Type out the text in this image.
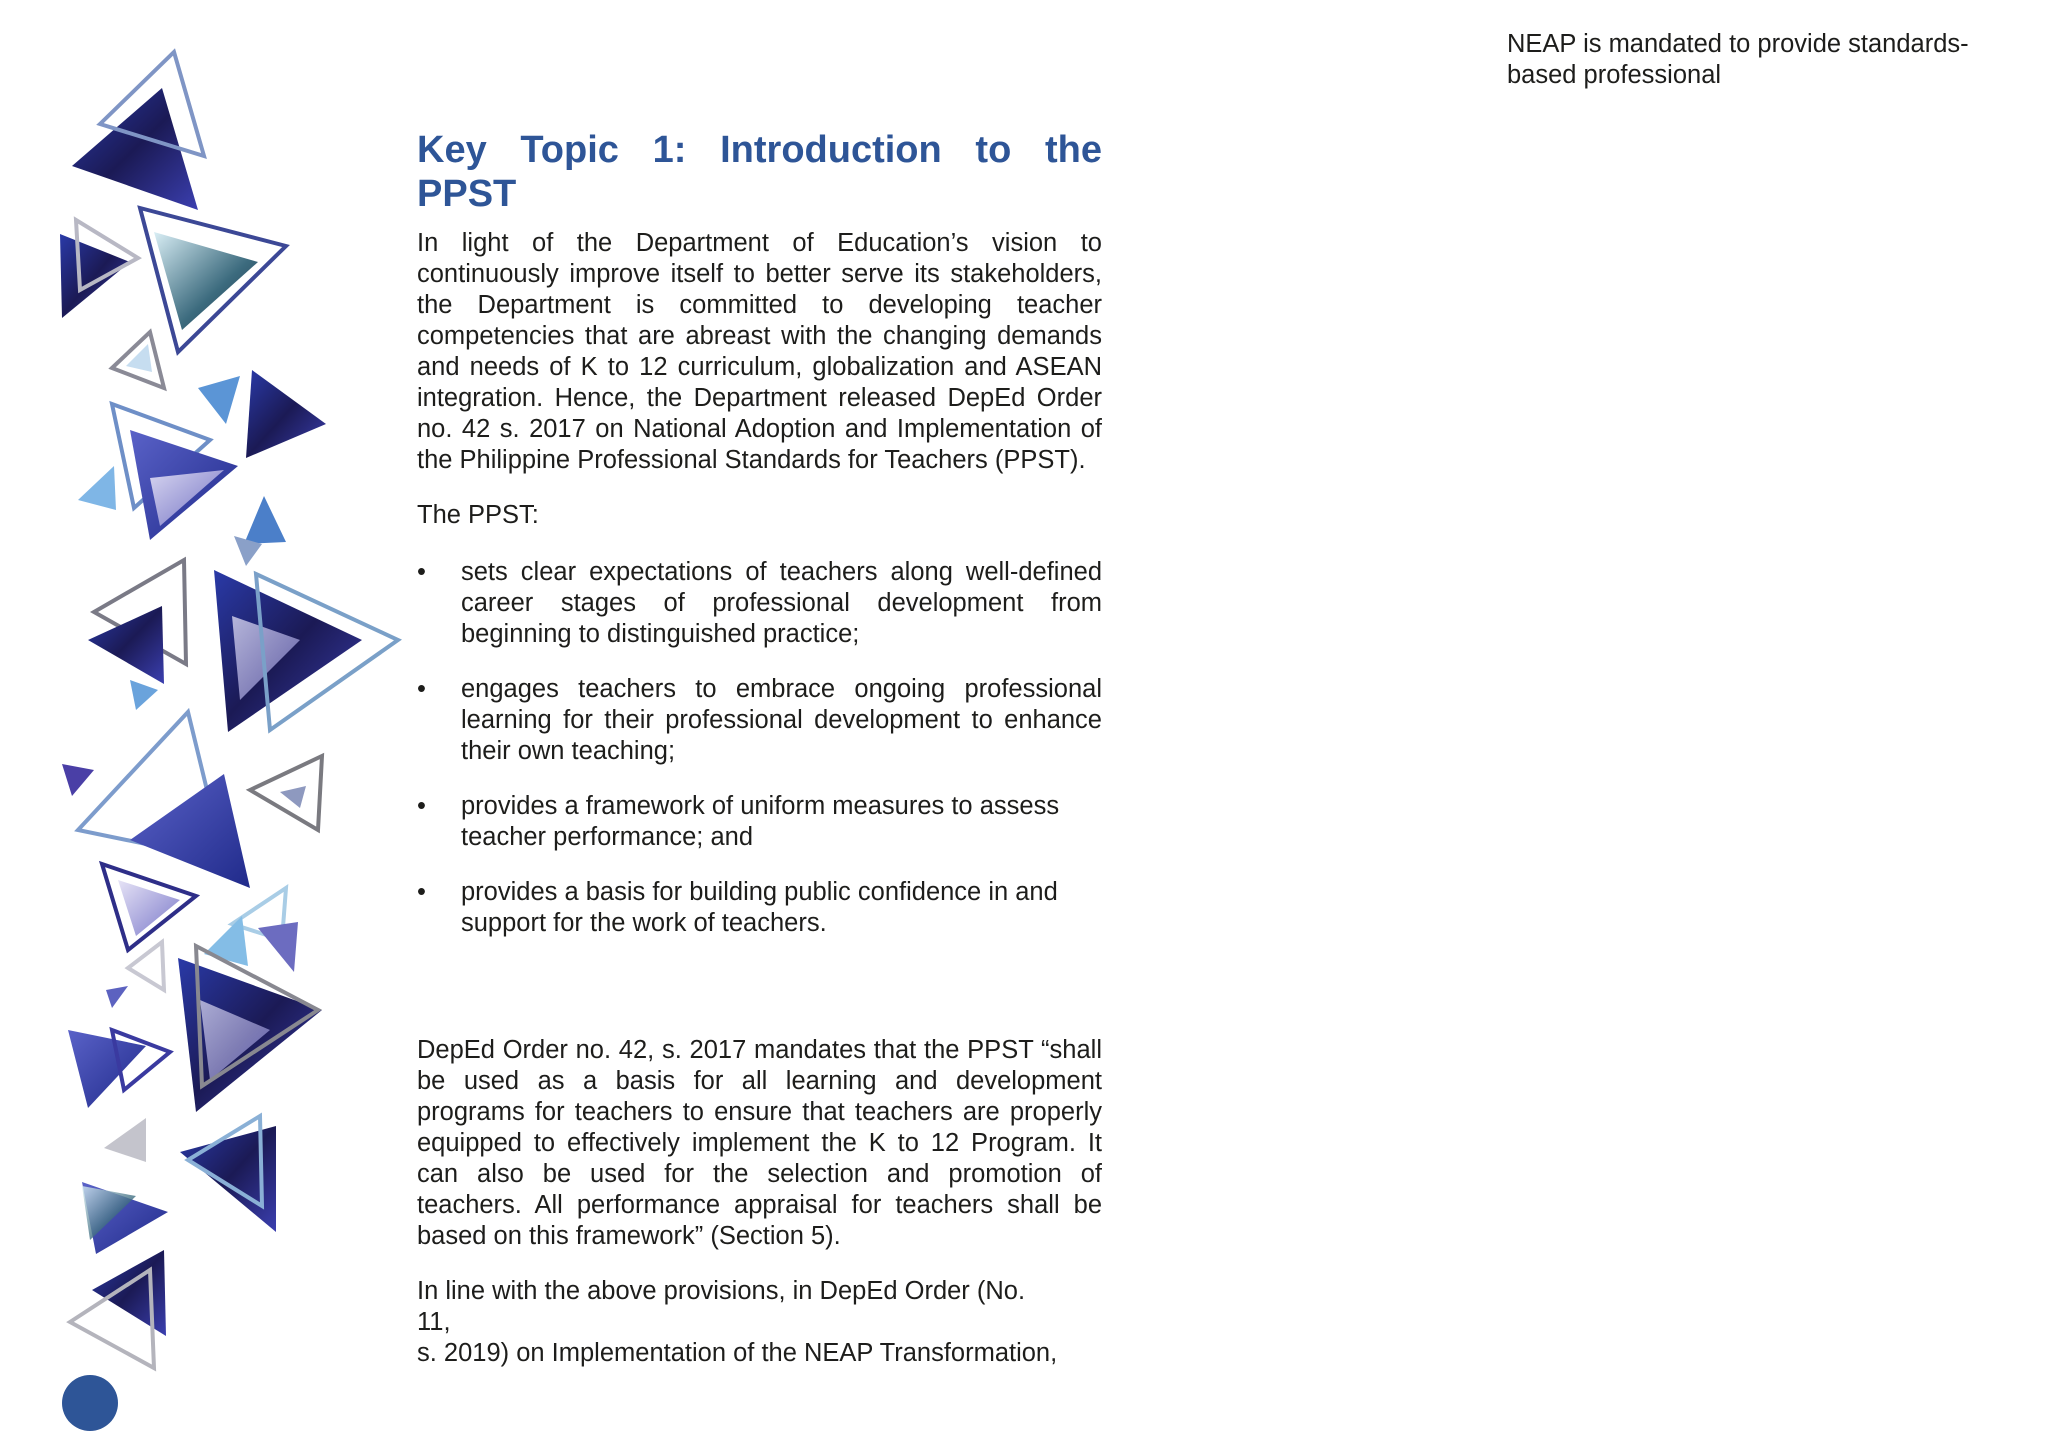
NEAP is mandated to provide standards-
based professional

Key Topic 1: Introduction to the PPST

In light of the Department of Education’s vision to continuously improve itself to better serve its stakeholders, the Department is committed to developing teacher competencies that are abreast with the changing demands and needs of K to 12 curriculum, globalization and ASEAN integration. Hence, the Department released DepEd Order no. 42 s. 2017 on National Adoption and Implementation of the Philippine Professional Standards for Teachers (PPST).

The PPST:

• sets clear expectations of teachers along well-defined career stages of professional development from beginning to distinguished practice;
• engages teachers to embrace ongoing professional learning for their professional development to enhance their own teaching;
• provides a framework of uniform measures to assess teacher performance; and
• provides a basis for building public confidence in and support for the work of teachers.

DepEd Order no. 42, s. 2017 mandates that the PPST “shall be used as a basis for all learning and development programs for teachers to ensure that teachers are properly equipped to effectively implement the K to 12 Program. It can also be used for the selection and promotion of teachers. All performance appraisal for teachers shall be based on this framework” (Section 5).

In line with the above provisions, in DepEd Order (No.
11,
s. 2019) on Implementation of the NEAP Transformation,
